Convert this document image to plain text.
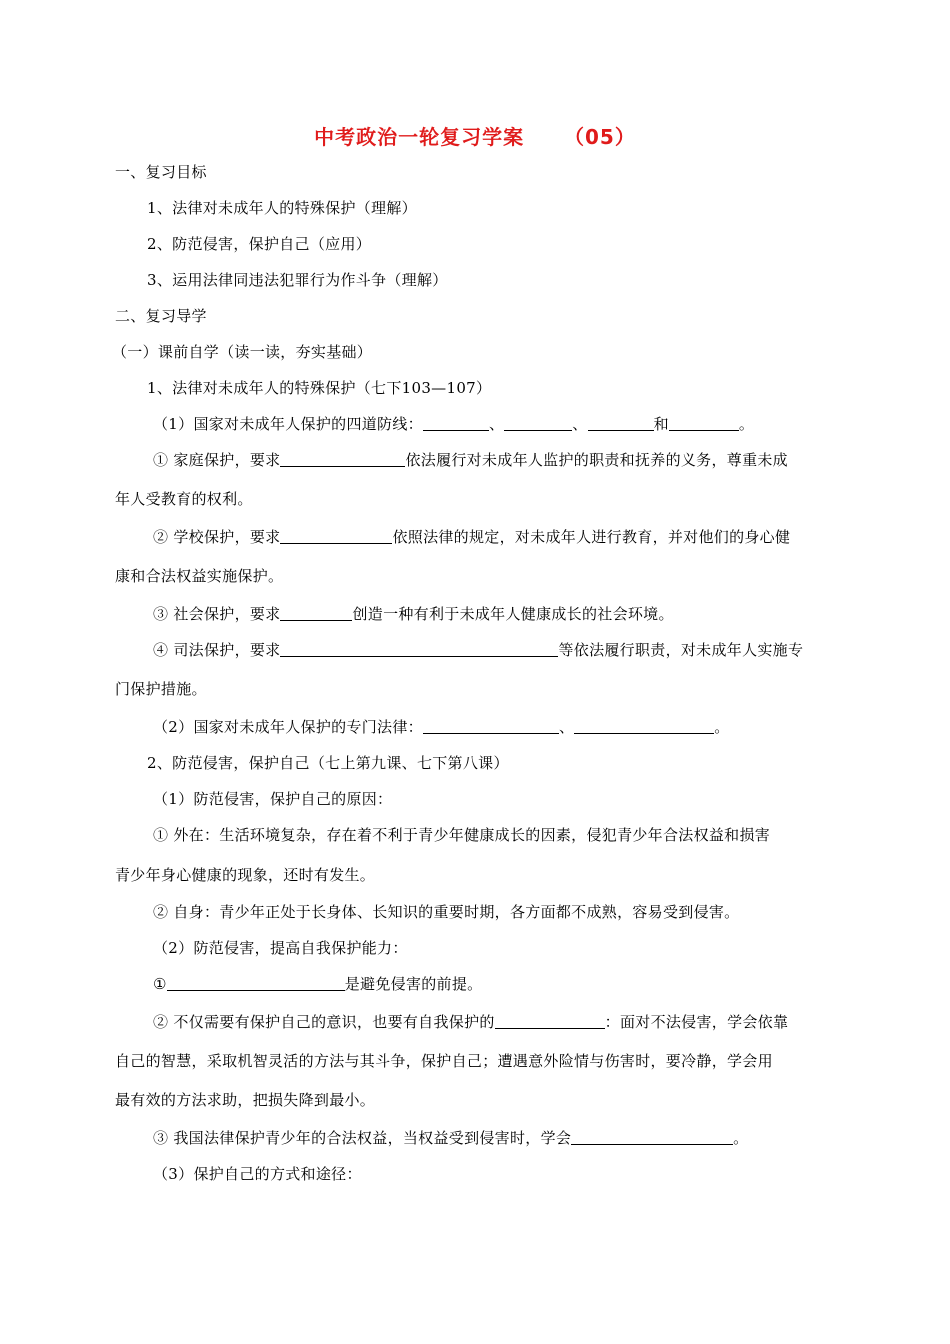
中考政治一轮复习学案     （05）
一、复习目标
1、法律对未成年人的特殊保护（理解）
2、防范侵害，保护自己（应用）
3、运用法律同违法犯罪行为作斗争（理解）
二、复习导学
（一）课前自学（读一读，夯实基础）
1、法律对未成年人的特殊保护（七下103—107）
（1）国家对未成年人保护的四道防线：	、	、	和	。
① 家庭保护，要求	依法履行对未成年人监护的职责和抚养的义务，尊重未成
年人受教育的权利。
② 学校保护，要求	依照法律的规定，对未成年人进行教育，并对他们的身心健
康和合法权益实施保护。
③ 社会保护，要求	创造一种有利于未成年人健康成长的社会环境。
④ 司法保护，要求	等依法履行职责，对未成年人实施专
门保护措施。
（2）国家对未成年人保护的专门法律：	、	。
2、防范侵害，保护自己（七上第九课、七下第八课）
（1）防范侵害，保护自己的原因：
① 外在：生活环境复杂，存在着不利于青少年健康成长的因素，侵犯青少年合法权益和损害
青少年身心健康的现象，还时有发生。
② 自身：青少年正处于长身体、长知识的重要时期，各方面都不成熟，容易受到侵害。
（2）防范侵害，提高自我保护能力：
①	是避免侵害的前提。
② 不仅需要有保护自己的意识，也要有自我保护的	：面对不法侵害，学会依靠
自己的智慧，采取机智灵活的方法与其斗争，保护自己；遭遇意外险情与伤害时，要冷静，学会用
最有效的方法求助，把损失降到最小。
③ 我国法律保护青少年的合法权益，当权益受到侵害时，学会	。
（3）保护自己的方式和途径：
